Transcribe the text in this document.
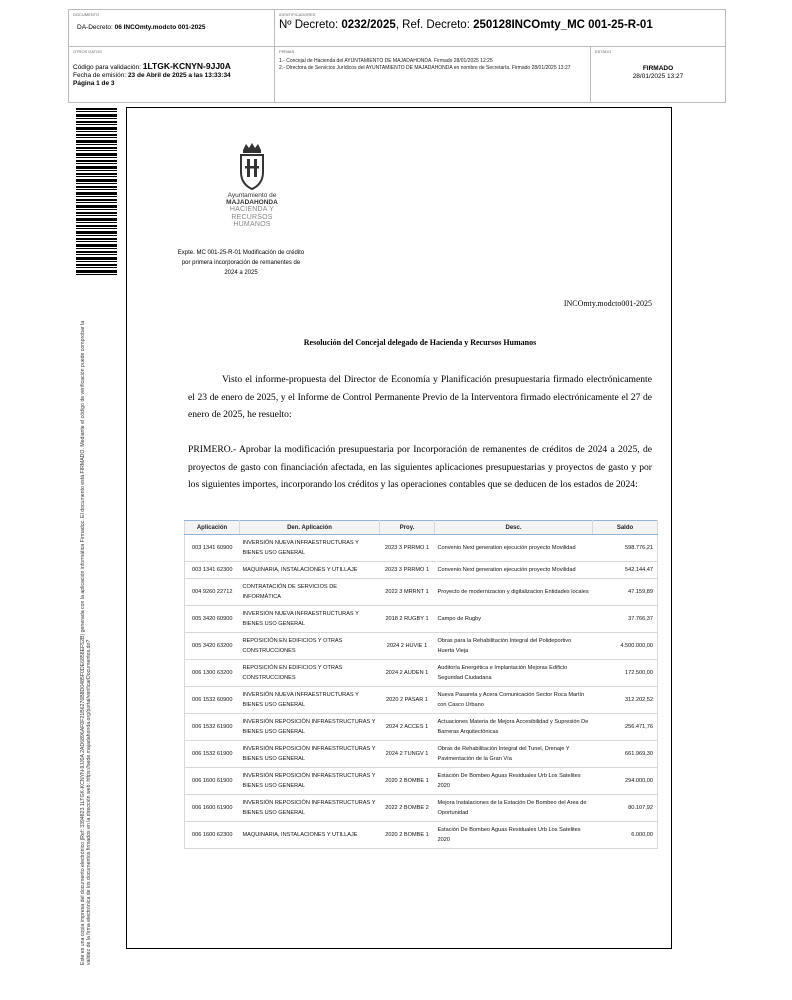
DOCUMENTO
DA-Decreto: 06 INCOmty.modcto 001-2025
IDENTIFICADORES
Nº Decreto: 0232/2025, Ref. Decreto: 250128INCOmty_MC 001-25-R-01
OTROS DATOS
Código para validación: 1LTGK-KCNYN-9JJ0A
Fecha de emisión: 23 de Abril de 2025 a las 13:33:34
Página 1 de 3
FIRMAS
1.- Concejal de Hacienda del AYUNTAMIENTO DE MAJADAHONDA. Firmado 28/01/2025 12:25
2.- Directora de Servicios Jurídicos del AYUNTAMIENTO DE MAJADAHONDA en nombre de Secretaría. Firmado 28/01/2025 13:27
ESTADO
FIRMADO
28/01/2025 13:27
Este es una copia impresa del documento electrónico (Ref: 3394823 1LTGK-KCNYN-9JJ0A 2AD6896AF0F21B6276B8D0485F0DE6858EF52B) generada con la aplicación informática Firmadoc. El documento está FIRMADO. Mediante el código de verificación puede comprobar la validez de la firma electrónica de los documentos firmados en la dirección web: https://sede.majadahonda.org/portal/verificarDocumentos.do?
Ayuntamiento de
MAJADAHONDA
HACIENDA Y RECURSOS
HUMANOS
Expte. MC 001-25-R-01 Modificación de crédito por primera incorporación de remanentes de 2024 a 2025
INCOmty.modcto001-2025
Resolución del Concejal delegado de Hacienda y Recursos Humanos
Visto el informe-propuesta del Director de Economía y Planificación presupuestaria firmado electrónicamente el 23 de enero de 2025, y el Informe de Control Permanente Previo de la Interventora firmado electrónicamente el 27 de enero de 2025, he resuelto:
PRIMERO.- Aprobar la modificación presupuestaria por Incorporación de remanentes de créditos de 2024 a 2025, de proyectos de gasto con financiación afectada, en las siguientes aplicaciones presupuestarias y proyectos de gasto y por los siguientes importes, incorporando los créditos y las operaciones contables que se deducen de los estados de 2024:
Aplicación	Den. Aplicación	Proy.	Desc.	Saldo
003 1341 60900	INVERSIÓN NUEVA INFRAESTRUCTURAS Y BIENES USO GENERAL	2023 3 PRRMO 1	Convenio Next generation ejecución proyecto Movilidad	598.776,21
003 1341 62300	MAQUINARIA, INSTALACIONES Y UTILLAJE	2023 3 PRRMO 1	Convenio Next generation ejecución proyecto Movilidad	542.144,47
004 9260 22712	CONTRATACIÓN DE SERVICIOS DE INFORMÁTICA	2022 3 MRRNT 1	Proyecto de modernizacion y digitalizacion Entidades locales	47.159,89
005 3420 60900	INVERSIÓN NUEVA INFRAESTRUCTURAS Y BIENES USO GENERAL	2018 2 RUGBY 1	Campo de Rugby	37.766,37
005 3420 63200	REPOSICIÓN EN EDIFICIOS Y OTRAS CONSTRUCCIONES	2024 2 HUVIE 1	Obras para la Rehabilitación Integral del Polideportivo Huerta Vieja	4.500.000,00
006 1300 63200	REPOSICIÓN EN EDIFICIOS Y OTRAS CONSTRUCCIONES	2024 2 AUDEN 1	Auditoría Energética e Implantación Mejoras Edificio Seguridad Ciudadana	172.500,00
006 1532 60900	INVERSIÓN NUEVA INFRAESTRUCTURAS Y BIENES USO GENERAL	2020 2 PASAR 1	Nueva Pasarela y Acera Comunicación Sector Roca Martín con Casco Urbano	312.202,52
006 1532 61900	INVERSIÓN REPOSICIÓN INFRAESTRUCTURAS Y BIENES USO GENERAL	2024 2 ACCES 1	Actuaciones Materia de Mejora Accesibilidad y Supresión De Barreras Arquitectónicas	256.471,76
006 1532 61900	INVERSIÓN REPOSICIÓN INFRAESTRUCTURAS Y BIENES USO GENERAL	2024 2 TUNGV 1	Obras de Rehabilitación Integral del Tunel, Drenaje Y Pavimentación de la Gran Vía	661.969,30
006 1600 61900	INVERSIÓN REPOSICIÓN INFRAESTRUCTURAS Y BIENES USO GENERAL	2020 2 BOMBE 1	Estación De Bombeo Aguas Residuales Urb Los Satelites 2020	294.000,00
006 1600 61900	INVERSIÓN REPOSICIÓN INFRAESTRUCTURAS Y BIENES USO GENERAL	2022 2 BOMBE 2	Mejora Instalaciones de la Estación De Bombeo del Area de Oportunidad	80.107,92
006 1600 62300	MAQUINARIA, INSTALACIONES Y UTILLAJE	2020 2 BOMBE 1	Estación De Bombeo Aguas Residuales Urb Los Satelites 2020	6.000,00
